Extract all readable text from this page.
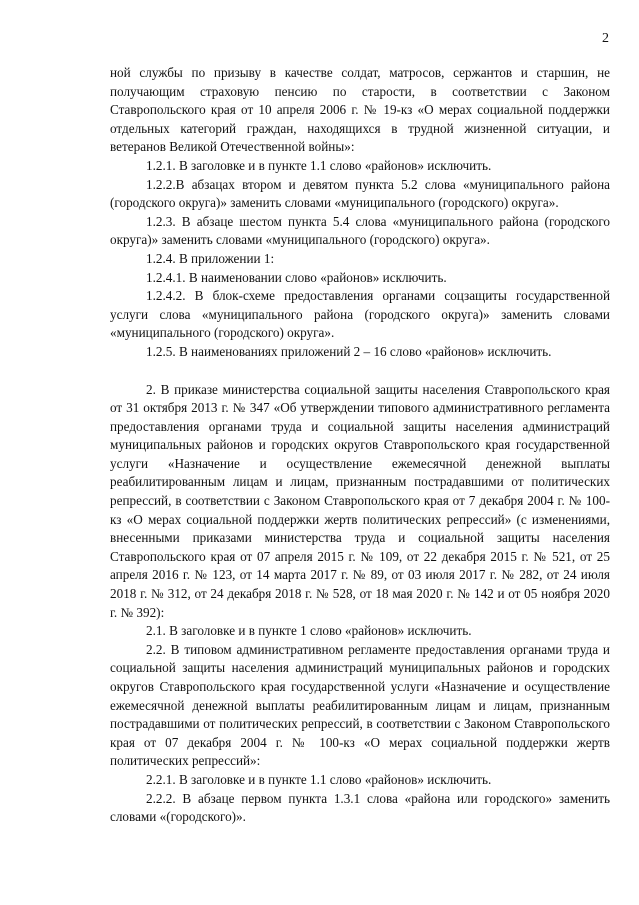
2

ной службы по призыву в качестве солдат, матросов, сержантов и старшин, не получающим страховую пенсию по старости, в соответствии с Законом Ставропольского края от 10 апреля 2006 г. № 19-кз «О мерах социальной поддержки отдельных категорий граждан, находящихся в трудной жизненной ситуации, и ветеранов Великой Отечественной войны»:

1.2.1. В заголовке и в пункте 1.1 слово «районов» исключить.

1.2.2.В абзацах втором и девятом пункта 5.2 слова «муниципального района (городского округа)» заменить словами «муниципального (городского) округа».

1.2.3. В абзаце шестом пункта 5.4 слова «муниципального района (городского округа)» заменить словами «муниципального (городского) округа».

1.2.4. В приложении 1:

1.2.4.1. В наименовании слово «районов» исключить.

1.2.4.2. В блок-схеме предоставления органами соцзащиты государственной услуги слова «муниципального района (городского округа)» заменить словами «муниципального (городского) округа».

1.2.5. В наименованиях приложений 2 – 16 слово «районов» исключить.

2. В приказе министерства социальной защиты населения Ставропольского края от 31 октября 2013 г. № 347 «Об утверждении типового административного регламента предоставления органами труда и социальной защиты населения администраций муниципальных районов и городских округов Ставропольского края государственной услуги «Назначение и осуществление ежемесячной денежной выплаты реабилитированным лицам и лицам, признанным пострадавшими от политических репрессий, в соответствии с Законом Ставропольского края от 7 декабря 2004 г. № 100-кз «О мерах социальной поддержки жертв политических репрессий» (с изменениями, внесенными приказами министерства труда и социальной защиты населения Ставропольского края от 07 апреля 2015 г. № 109, от 22 декабря 2015 г. № 521, от 25 апреля 2016 г. № 123, от 14 марта 2017 г. № 89, от 03 июля 2017 г. № 282, от 24 июля 2018 г. № 312, от 24 декабря 2018 г. № 528, от 18 мая 2020 г. № 142 и от 05 ноября 2020 г. № 392):

2.1. В заголовке и в пункте 1 слово «районов» исключить.

2.2. В типовом административном регламенте предоставления органами труда и социальной защиты населения администраций муниципальных районов и городских округов Ставропольского края государственной услуги «Назначение и осуществление ежемесячной денежной выплаты реабилитированным лицам и лицам, признанным пострадавшими от политических репрессий, в соответствии с Законом Ставропольского края от 07 декабря 2004 г. № 100-кз «О мерах социальной поддержки жертв политических репрессий»:

2.2.1. В заголовке и в пункте 1.1 слово «районов» исключить.

2.2.2. В абзаце первом пункта 1.3.1 слова «района или городского» заменить словами «(городского)».
